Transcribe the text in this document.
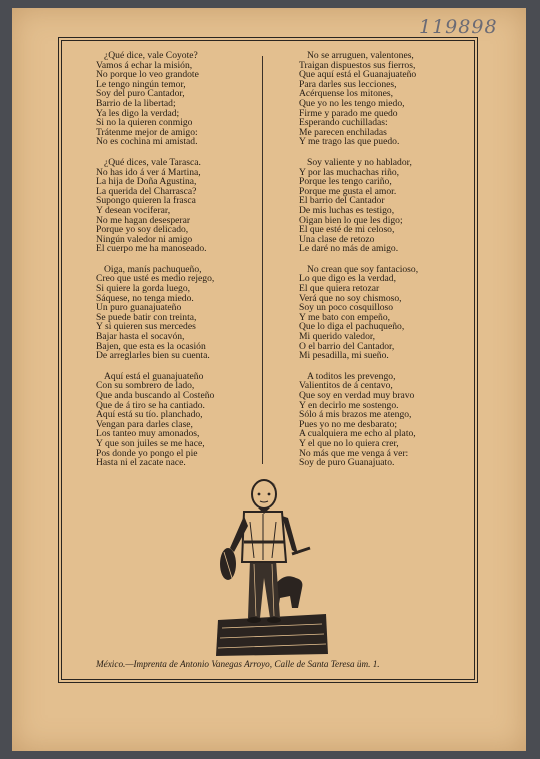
119898
¿Qué dice, vale Coyote?
Vamos á echar la misión,
No porque lo veo grandote
Le tengo ningún temor,
Soy del puro Cantador,
Barrio de la libertad;
Ya les digo la verdad;
Si no la quieren conmigo
Trátenme mejor de amigo:
No es cochina mi amistad.
¿Qué dices, vale Tarasca.
No has ido á ver á Martina,
La hija de Doña Agustina,
La querida del Charrasca?
Supongo quieren la frasca
Y desean vociferar,
No me hagan desesperar
Porque yo soy delicado,
Ningún valedor ni amigo
El cuerpo me ha manoseado.
Oiga, manís pachuqueño,
Creo que usté es medio rejego,
Si quiere la gorda luego,
Sáquese, no tenga miedo.
Un puro guanajuateño
Se puede batir con treinta,
Y si quieren sus mercedes
Bajar hasta el socavón,
Bajen, que esta es la ocasión
De arreglarles bien su cuenta.
Aquí está el guanajuateño
Con su sombrero de lado,
Que anda buscando al Costeño
Que de á tiro se ha cantiado.
Aquí está su tío. planchado,
Vengan para darles clase,
Los tanteo muy amonados,
Y que son juiles se me hace,
Pos donde yo pongo el pie
Hasta ni el zacate nace.
No se arruguen, valentones,
Traigan dispuestos sus fierros,
Que aquí está el Guanajuateño
Para darles sus lecciones,
Acérquense los mitones,
Que yo no les tengo miedo,
Firme y parado me quedo
Esperando cuchilladas:
Me parecen enchiladas
Y me trago las que puedo.
Soy valiente y no hablador,
Y por las muchachas riño,
Porque les tengo cariño,
Porque me gusta el amor.
El barrio del Cantador
De mis luchas es testigo,
Oigan bien lo que les digo;
El que esté de mi celoso,
Una clase de retozo
Le daré no más de amigo.
No crean que soy fantacioso,
Lo que digo es la verdad,
El que quiera retozar
Verá que no soy chismoso,
Soy un poco cosquilloso
Y me bato con empeño,
Que lo diga el pachuqueño,
Mi querido valedor,
O el barrio del Cantador,
Mi pesadilla, mi sueño.
A toditos les prevengo,
Valientitos de á centavo,
Que soy en verdad muy bravo
Y en decirlo me sostengo.
Sólo á mis brazos me atengo,
Pues yo no me desbarato;
A cualquiera me echo al plato,
Y el que no lo quiera crer,
No más que me venga á ver:
Soy de puro Guanajuato.
México.—Imprenta de Antonio Vanegas Arroyo, Calle de Santa Teresa üm. 1.
